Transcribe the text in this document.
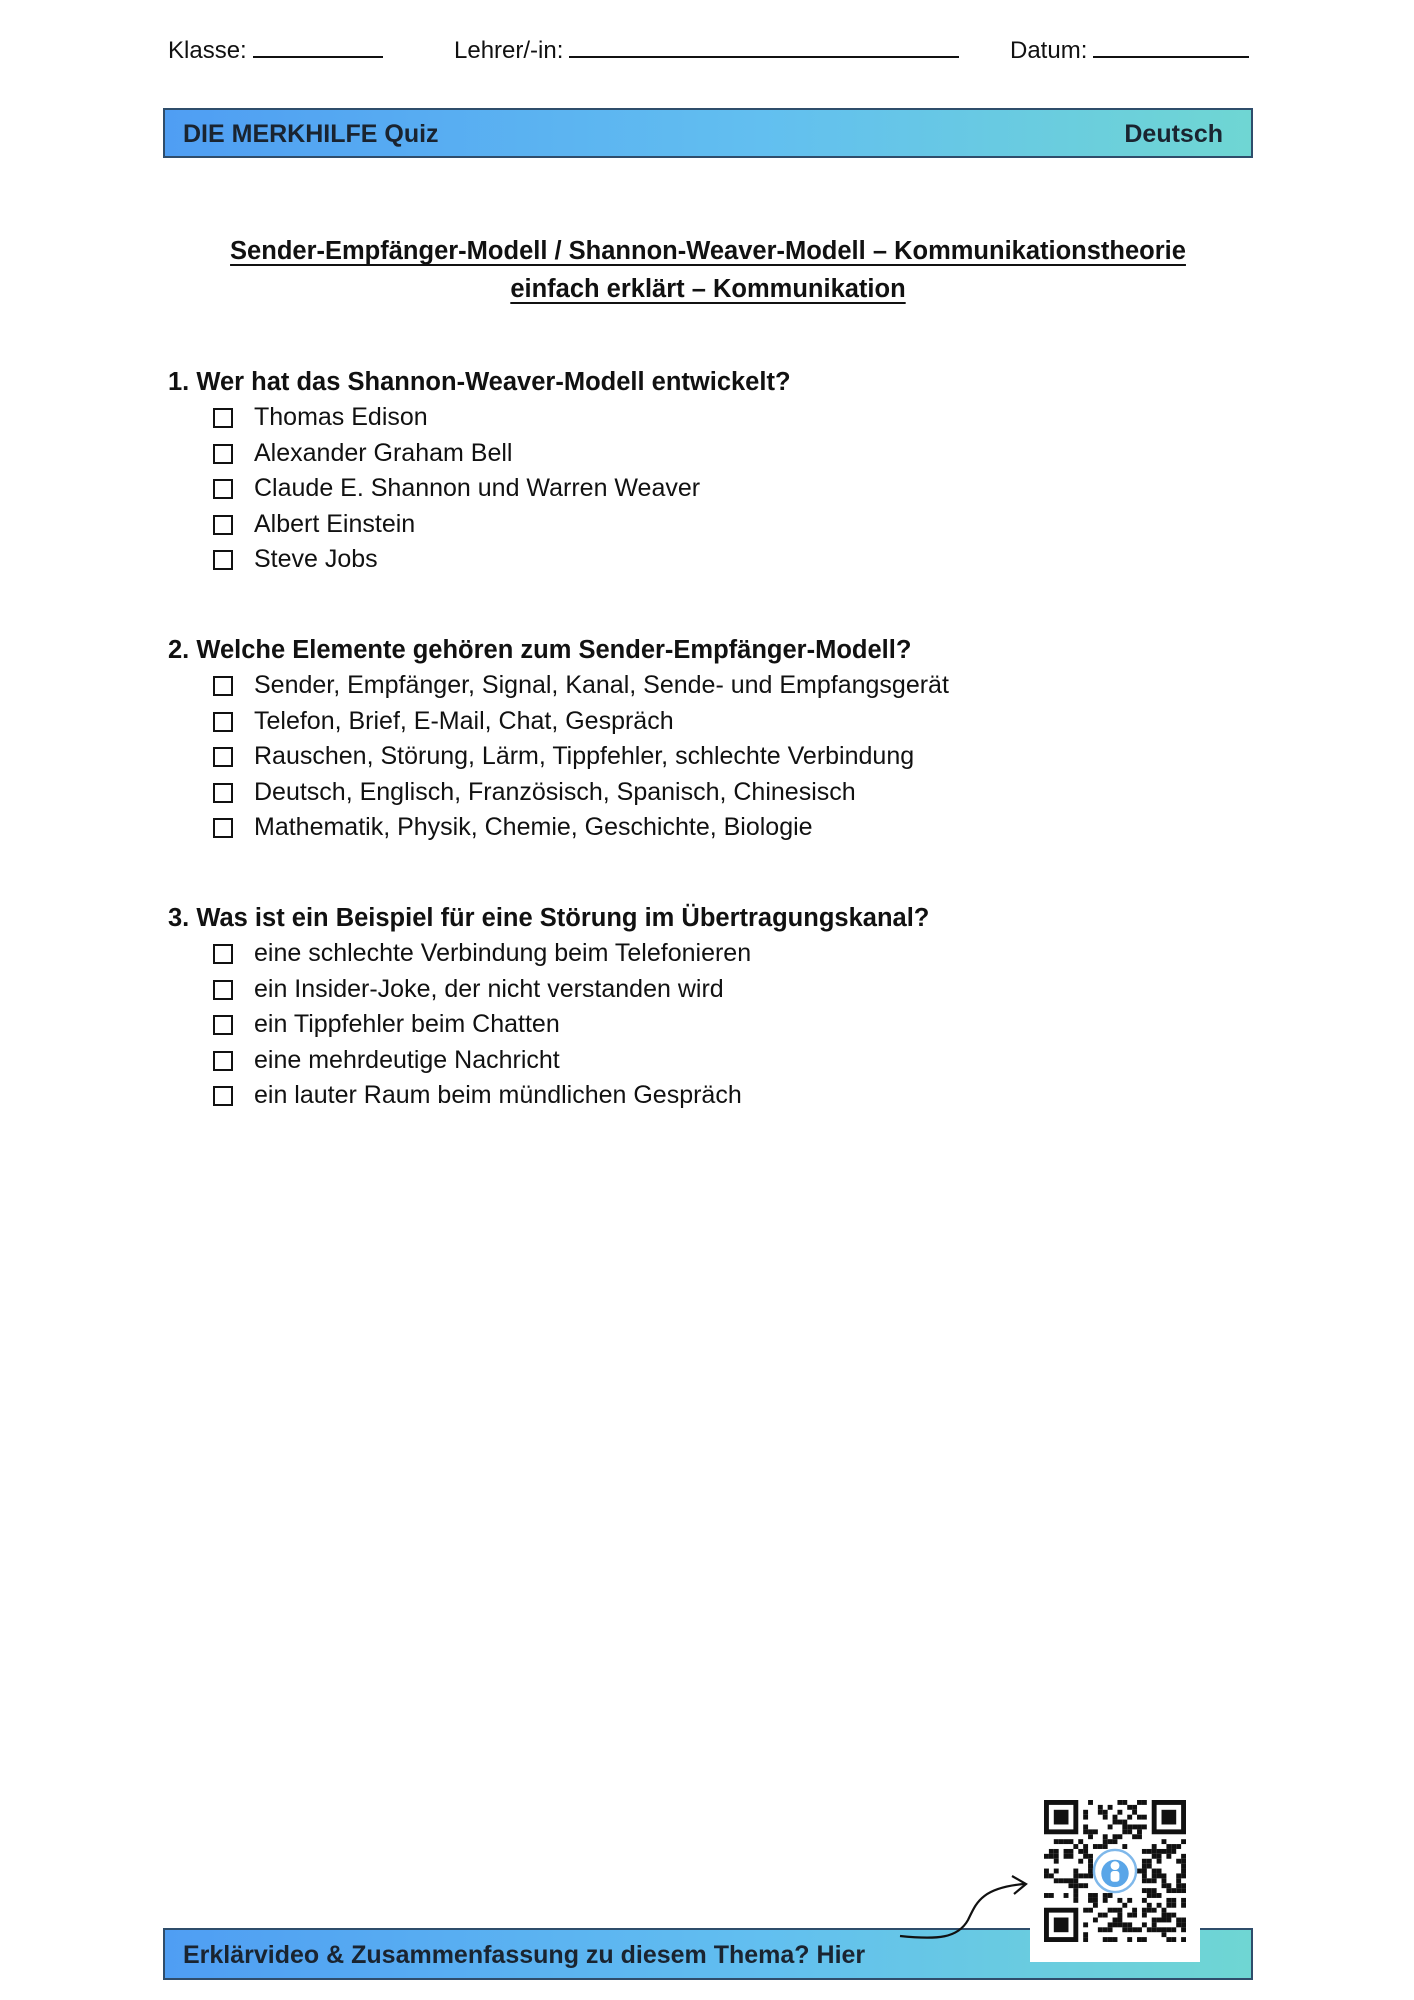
Klasse:	Lehrer/-in:	Datum:
DIE MERKHILFE Quiz	Deutsch
Sender-Empfänger-Modell / Shannon-Weaver-Modell – Kommunikationstheorie
einfach erklärt – Kommunikation
1. Wer hat das Shannon-Weaver-Modell entwickelt?
Thomas Edison
Alexander Graham Bell
Claude E. Shannon und Warren Weaver
Albert Einstein
Steve Jobs
2. Welche Elemente gehören zum Sender-Empfänger-Modell?
Sender, Empfänger, Signal, Kanal, Sende- und Empfangsgerät
Telefon, Brief, E-Mail, Chat, Gespräch
Rauschen, Störung, Lärm, Tippfehler, schlechte Verbindung
Deutsch, Englisch, Französisch, Spanisch, Chinesisch
Mathematik, Physik, Chemie, Geschichte, Biologie
3. Was ist ein Beispiel für eine Störung im Übertragungskanal?
eine schlechte Verbindung beim Telefonieren
ein Insider-Joke, der nicht verstanden wird
ein Tippfehler beim Chatten
eine mehrdeutige Nachricht
ein lauter Raum beim mündlichen Gespräch
Erklärvideo & Zusammenfassung zu diesem Thema? Hier
